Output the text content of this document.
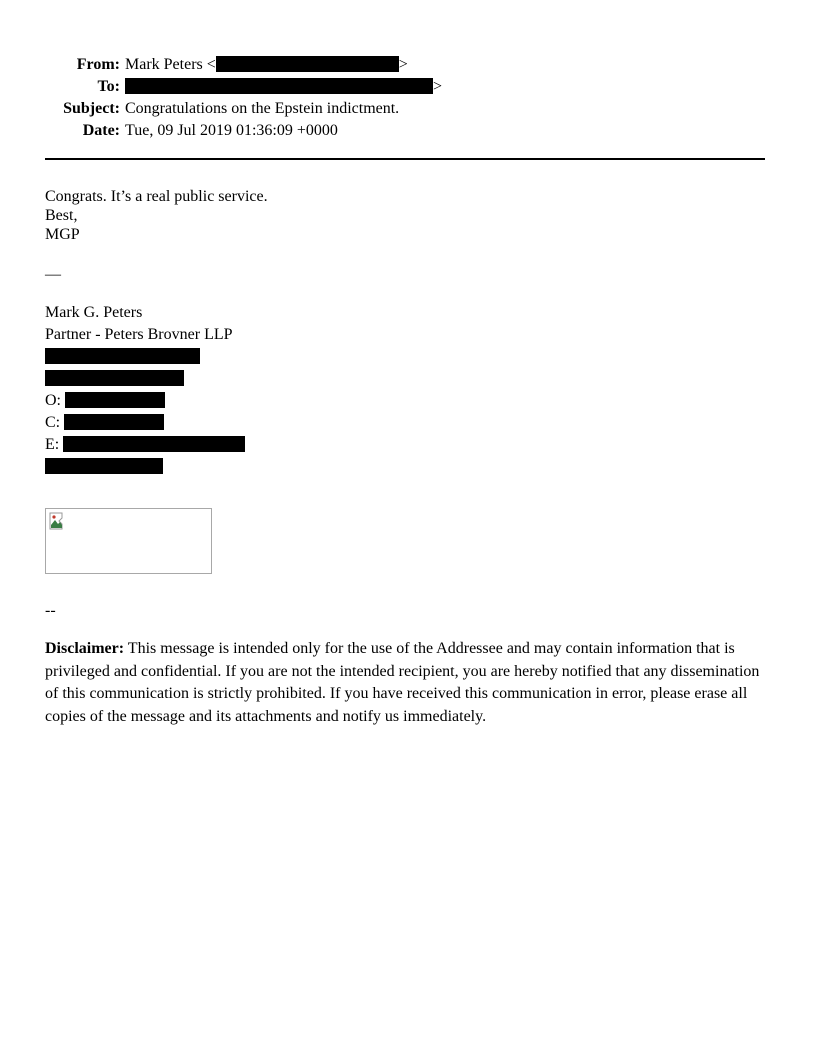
From: Mark Peters <	>
To:	>
Subject: Congratulations on the Epstein indictment.
Date: Tue, 09 Jul 2019 01:36:09 +0000

Congrats. It’s a real public service.

Best,

MGP

—

Mark G. Peters

Partner - Peters Brovner LLP

O:

C:

E:

--

Disclaimer: This message is intended only for the use of the Addressee and may contain information that is privileged and confidential. If you are not the intended recipient, you are hereby notified that any dissemination of this communication is strictly prohibited. If you have received this communication in error, please erase all copies of the message and its attachments and notify us immediately.
